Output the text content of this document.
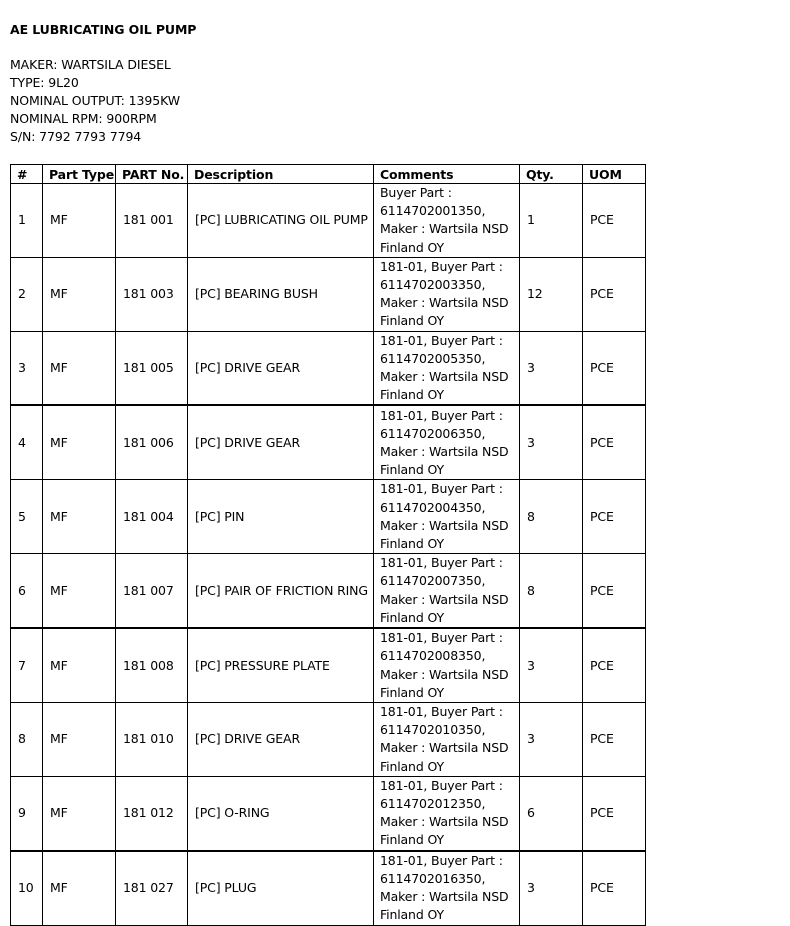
AE LUBRICATING OIL PUMP
MAKER: WARTSILA DIESEL
TYPE: 9L20
NOMINAL OUTPUT: 1395KW
NOMINAL RPM: 900RPM
S/N: 7792 7793 7794
#	Part Type	PART No.	Description	Comments	Qty.	UOM
1	MF	181 001	[PC] LUBRICATING OIL PUMP	Buyer Part :
6114702001350,
Maker : Wartsila NSD
Finland OY	1	PCE
2	MF	181 003	[PC] BEARING BUSH	181-01, Buyer Part :
6114702003350,
Maker : Wartsila NSD
Finland OY	12	PCE
3	MF	181 005	[PC] DRIVE GEAR	181-01, Buyer Part :
6114702005350,
Maker : Wartsila NSD
Finland OY	3	PCE
4	MF	181 006	[PC] DRIVE GEAR	181-01, Buyer Part :
6114702006350,
Maker : Wartsila NSD
Finland OY	3	PCE
5	MF	181 004	[PC] PIN	181-01, Buyer Part :
6114702004350,
Maker : Wartsila NSD
Finland OY	8	PCE
6	MF	181 007	[PC] PAIR OF FRICTION RING	181-01, Buyer Part :
6114702007350,
Maker : Wartsila NSD
Finland OY	8	PCE
7	MF	181 008	[PC] PRESSURE PLATE	181-01, Buyer Part :
6114702008350,
Maker : Wartsila NSD
Finland OY	3	PCE
8	MF	181 010	[PC] DRIVE GEAR	181-01, Buyer Part :
6114702010350,
Maker : Wartsila NSD
Finland OY	3	PCE
9	MF	181 012	[PC] O-RING	181-01, Buyer Part :
6114702012350,
Maker : Wartsila NSD
Finland OY	6	PCE
10	MF	181 027	[PC] PLUG	181-01, Buyer Part :
6114702016350,
Maker : Wartsila NSD
Finland OY	3	PCE
